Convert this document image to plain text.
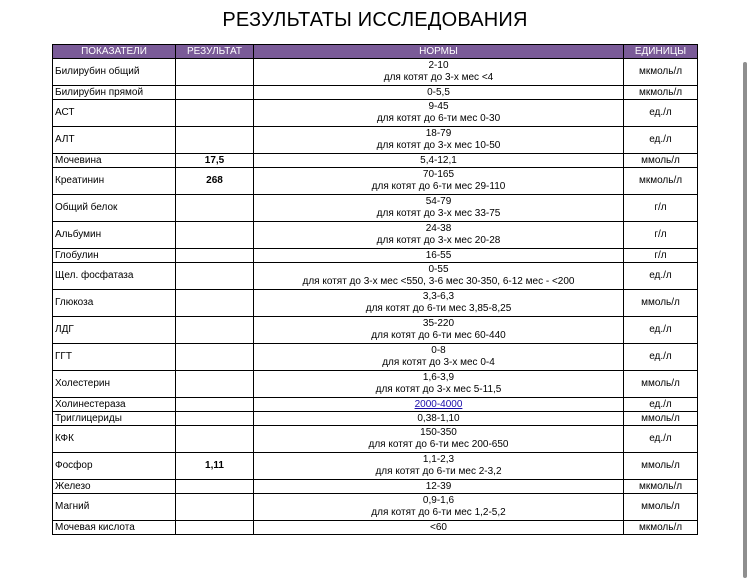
РЕЗУЛЬТАТЫ ИССЛЕДОВАНИЯ
ПОКАЗАТЕЛИ	РЕЗУЛЬТАТ	НОРМЫ	ЕДИНИЦЫ
Билирубин общий		2-10
для котят до 3-х мес <4	мкмоль/л
Билирубин прямой		0-5,5	мкмоль/л
АСТ		9-45
для котят до 6-ти мес 0-30	ед./л
АЛТ		18-79
для котят до 3-х мес 10-50	ед./л
Мочевина	17,5	5,4-12,1	ммоль/л
Креатинин	268	70-165
для котят до 6-ти мес 29-110	мкмоль/л
Общий белок		54-79
для котят до 3-х мес 33-75	г/л
Альбумин		24-38
для котят до 3-х мес 20-28	г/л
Глобулин		16-55	г/л
Щел. фосфатаза		0-55
для котят до 3-х мес <550, 3-6 мес 30-350, 6-12 мес - <200	ед./л
Глюкоза		3,3-6,3
для котят до 6-ти мес 3,85-8,25	ммоль/л
ЛДГ		35-220
для котят до 6-ти мес 60-440	ед./л
ГГТ		0-8
для котят до 3-х мес 0-4	ед./л
Холестерин		1,6-3,9
для котят до 3-х мес 5-11,5	ммоль/л
Холинестераза		2000-4000	ед./л
Триглицериды		0,38-1,10	ммоль/л
КФК		150-350
для котят до 6-ти мес 200-650	ед./л
Фосфор	1,11	1,1-2,3
для котят до 6-ти мес 2-3,2	ммоль/л
Железо		12-39	мкмоль/л
Магний		0,9-1,6
для котят до 6-ти мес 1,2-5,2	ммоль/л
Мочевая кислота		<60	мкмоль/л
